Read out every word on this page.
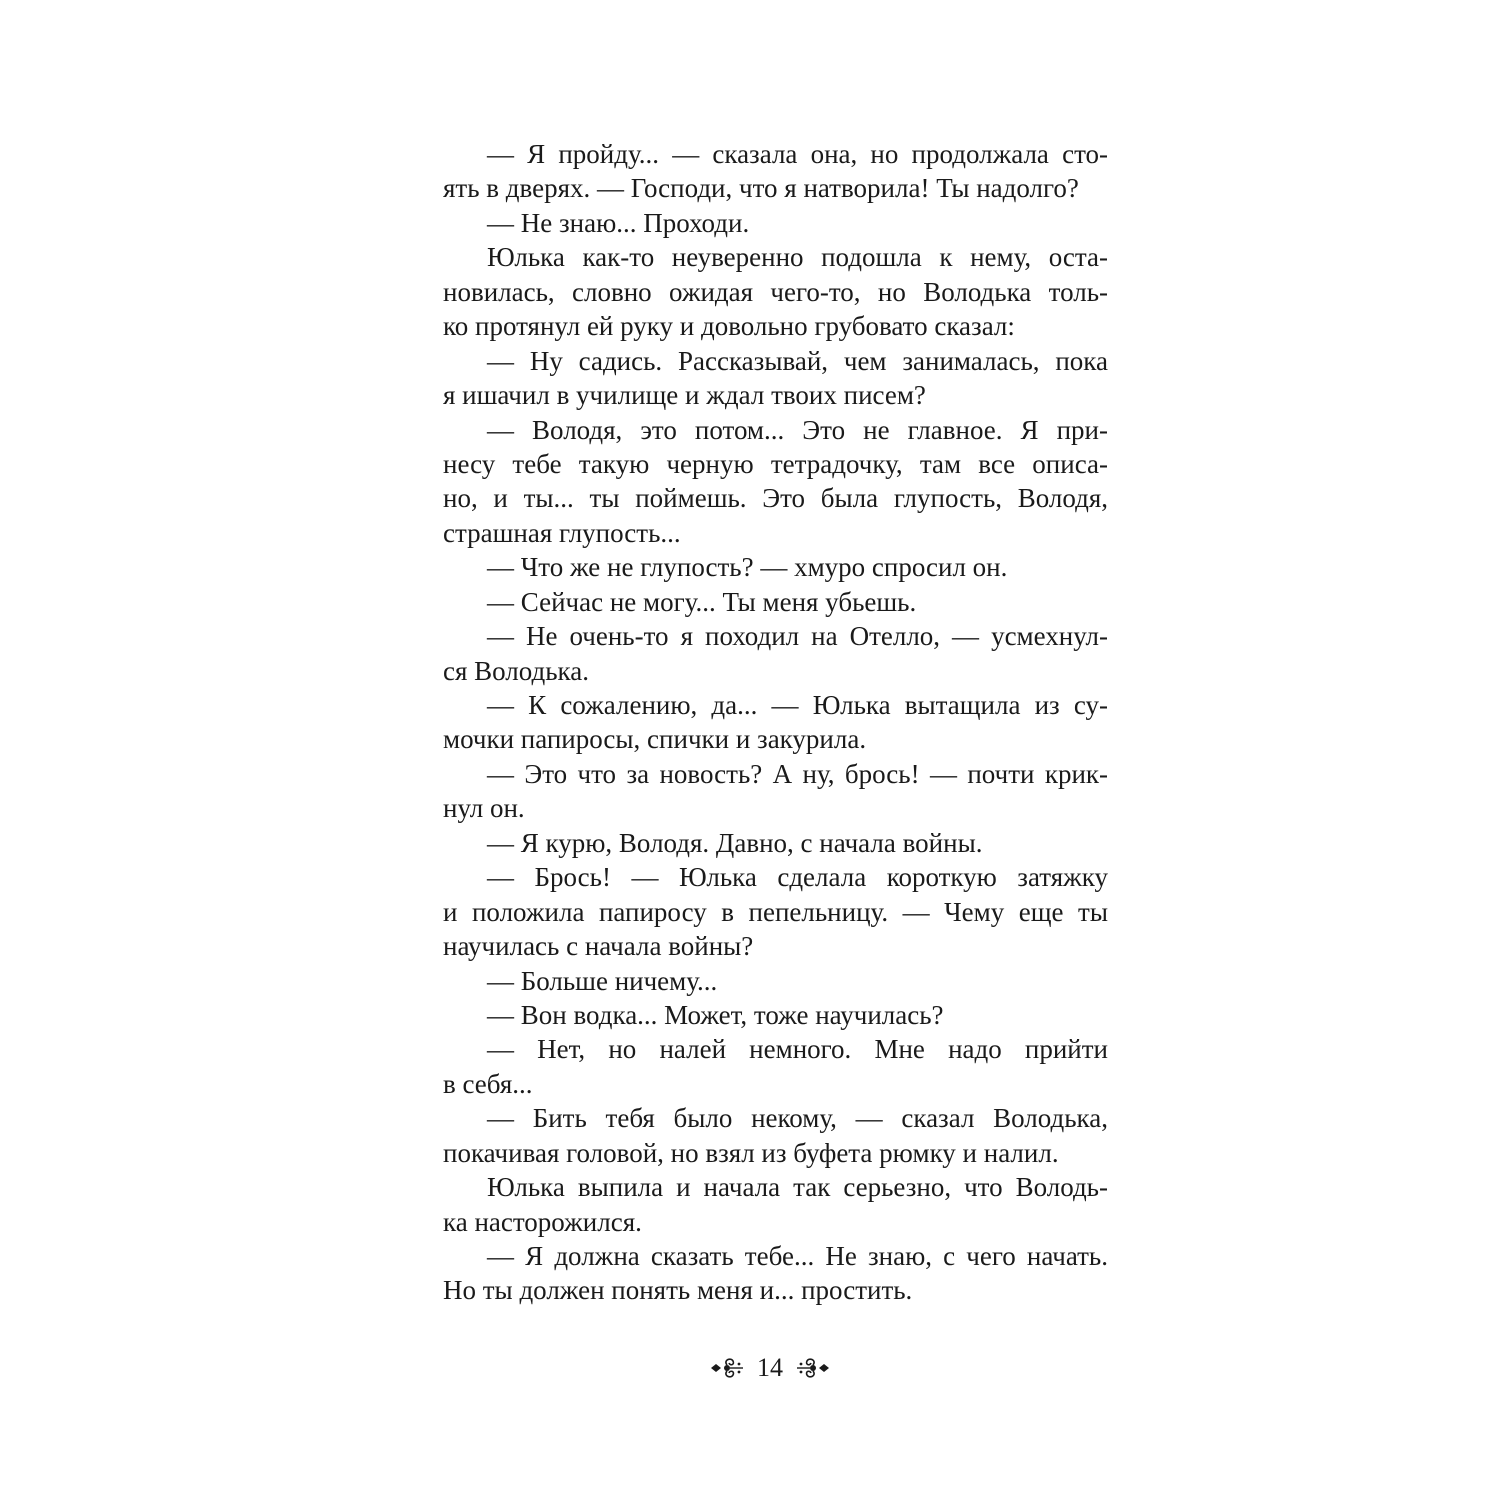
— Я пройду... — сказала она, но продолжала сто-
ять в дверях. — Господи, что я натворила! Ты надолго?
— Не знаю... Проходи.
Юлька как-то неуверенно подошла к нему, оста-
новилась, словно ожидая чего-то, но Володька толь-
ко протянул ей руку и довольно грубовато сказал:
— Ну садись. Рассказывай, чем занималась, пока
я ишачил в училище и ждал твоих писем?
— Володя, это потом... Это не главное. Я при-
несу тебе такую черную тетрадочку, там все описа-
но, и ты... ты поймешь. Это была глупость, Володя,
страшная глупость...
— Что же не глупость? — хмуро спросил он.
— Сейчас не могу... Ты меня убьешь.
— Не очень-то я походил на Отелло, — усмехнул-
ся Володька.
— К сожалению, да... — Юлька вытащила из су-
мочки папиросы, спички и закурила.
— Это что за новость? А ну, брось! — почти крик-
нул он.
— Я курю, Володя. Давно, с начала войны.
— Брось! — Юлька сделала короткую затяжку
и положила папиросу в пепельницу. — Чему еще ты
научилась с начала войны?
— Больше ничему...
— Вон водка... Может, тоже научилась?
— Нет, но налей немного. Мне надо прийти
в себя...
— Бить тебя было некому, — сказал Володька,
покачивая головой, но взял из буфета рюмку и налил.
Юлька выпила и начала так серьезно, что Володь-
ка насторожился.
— Я должна сказать тебе... Не знаю, с чего начать.
Но ты должен понять меня и... простить.
14
